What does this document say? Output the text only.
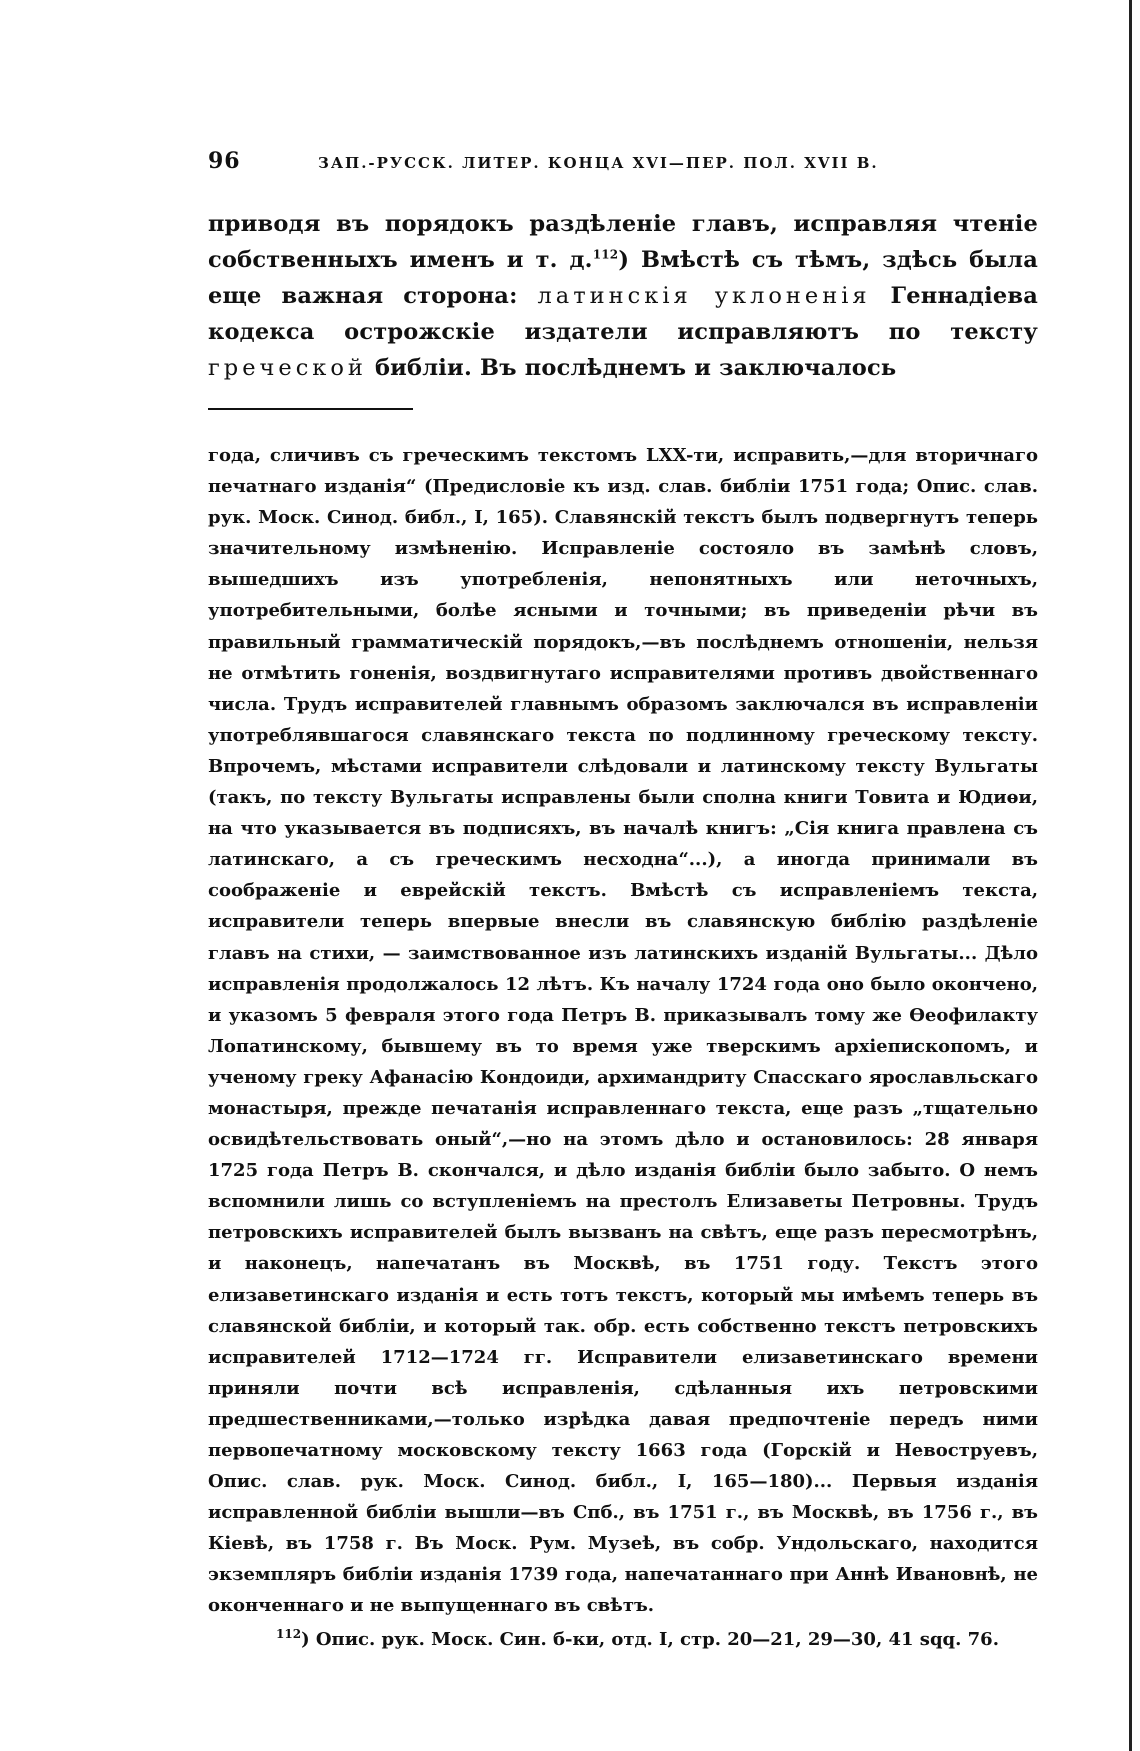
96	ЗАП.-РУССК. ЛИТЕР. КОНЦА XVI—ПЕР. ПОЛ. XVII В.

приводя въ порядокъ раздѣленіе главъ, исправляя чтеніе собственныхъ именъ и т. д.$^{112}$) Вмѣстѣ съ тѣмъ, здѣсь была еще важная сторона: латинскія уклоненія Геннадіева кодекса острожскіе издатели исправляютъ по тексту греческой библіи. Въ послѣднемъ и заключалось

года, сличивъ съ греческимъ текстомъ LXX-ти, исправить,—для вторичнаго печатнаго изданія“ (Предисловіе къ изд. слав. библіи 1751 года; Опис. слав. рук. Моск. Синод. библ., I, 165). Славянскій текстъ былъ подвергнутъ теперь значительному измѣненію. Исправленіе состояло въ замѣнѣ словъ, вышедшихъ изъ употребленія, непонятныхъ или неточныхъ, употребительными, болѣе ясными и точными; въ приведеніи рѣчи въ правильный грамматическій порядокъ,—въ послѣднемъ отношеніи, нельзя не отмѣтить гоненія, воздвигнутаго исправителями противъ двойственнаго числа. Трудъ исправителей главнымъ образомъ заключался въ исправленіи употреблявшагося славянскаго текста по подлинному греческому тексту. Впрочемъ, мѣстами исправители слѣдовали и латинскому тексту Вульгаты (такъ, по тексту Вульгаты исправлены были сполна книги Товита и Юдиѳи, на что указывается въ подписяхъ, въ началѣ книгъ: „Сія книга правлена съ латинскаго, а съ греческимъ несходна“...), а иногда принимали въ соображеніе и еврейскій текстъ. Вмѣстѣ съ исправленіемъ текста, исправители теперь впервые внесли въ славянскую библію раздѣленіе главъ на стихи, — заимствованное изъ латинскихъ изданій Вульгаты... Дѣло исправленія продолжалось 12 лѣтъ. Къ началу 1724 года оно было окончено, и указомъ 5 февраля этого года Петръ В. приказывалъ тому же Ѳеофилакту Лопатинскому, бывшему въ то время уже тверскимъ архіепископомъ, и ученому греку Афанасію Кондоиди, архимандриту Спасскаго ярославльскаго монастыря, прежде печатанія исправленнаго текста, еще разъ „тщательно освидѣтельствовать оный“,—но на этомъ дѣло и остановилось: 28 января 1725 года Петръ В. скончался, и дѣло изданія библіи было забыто. О немъ вспомнили лишь со вступленіемъ на престолъ Елизаветы Петровны. Трудъ петровскихъ исправителей былъ вызванъ на свѣтъ, еще разъ пересмотрѣнъ, и наконецъ, напечатанъ въ Москвѣ, въ 1751 году. Текстъ этого елизаветинскаго изданія и есть тотъ текстъ, который мы имѣемъ теперь въ славянской библіи, и который так. обр. есть собственно текстъ петровскихъ исправителей 1712—1724 гг. Исправители елизаветинскаго времени приняли почти всѣ исправленія, сдѣланныя ихъ петровскими предшественниками,—только изрѣдка давая предпочтеніе передъ ними первопечатному московскому тексту 1663 года (Горскій и Невоструевъ, Опис. слав. рук. Моск. Синод. библ., I, 165—180)... Первыя изданія исправленной библіи вышли—въ Спб., въ 1751 г., въ Москвѣ, въ 1756 г., въ Кіевѣ, въ 1758 г. Въ Моск. Рум. Музеѣ, въ собр. Ундольскаго, находится экземпляръ библіи изданія 1739 года, напечатаннаго при Аннѣ Ивановнѣ, не оконченнаго и не выпущеннаго въ свѣтъ.

$^{112}$) Опис. рук. Моск. Син. б-ки, отд. I, стр. 20—21, 29—30, 41 sqq. 76.
